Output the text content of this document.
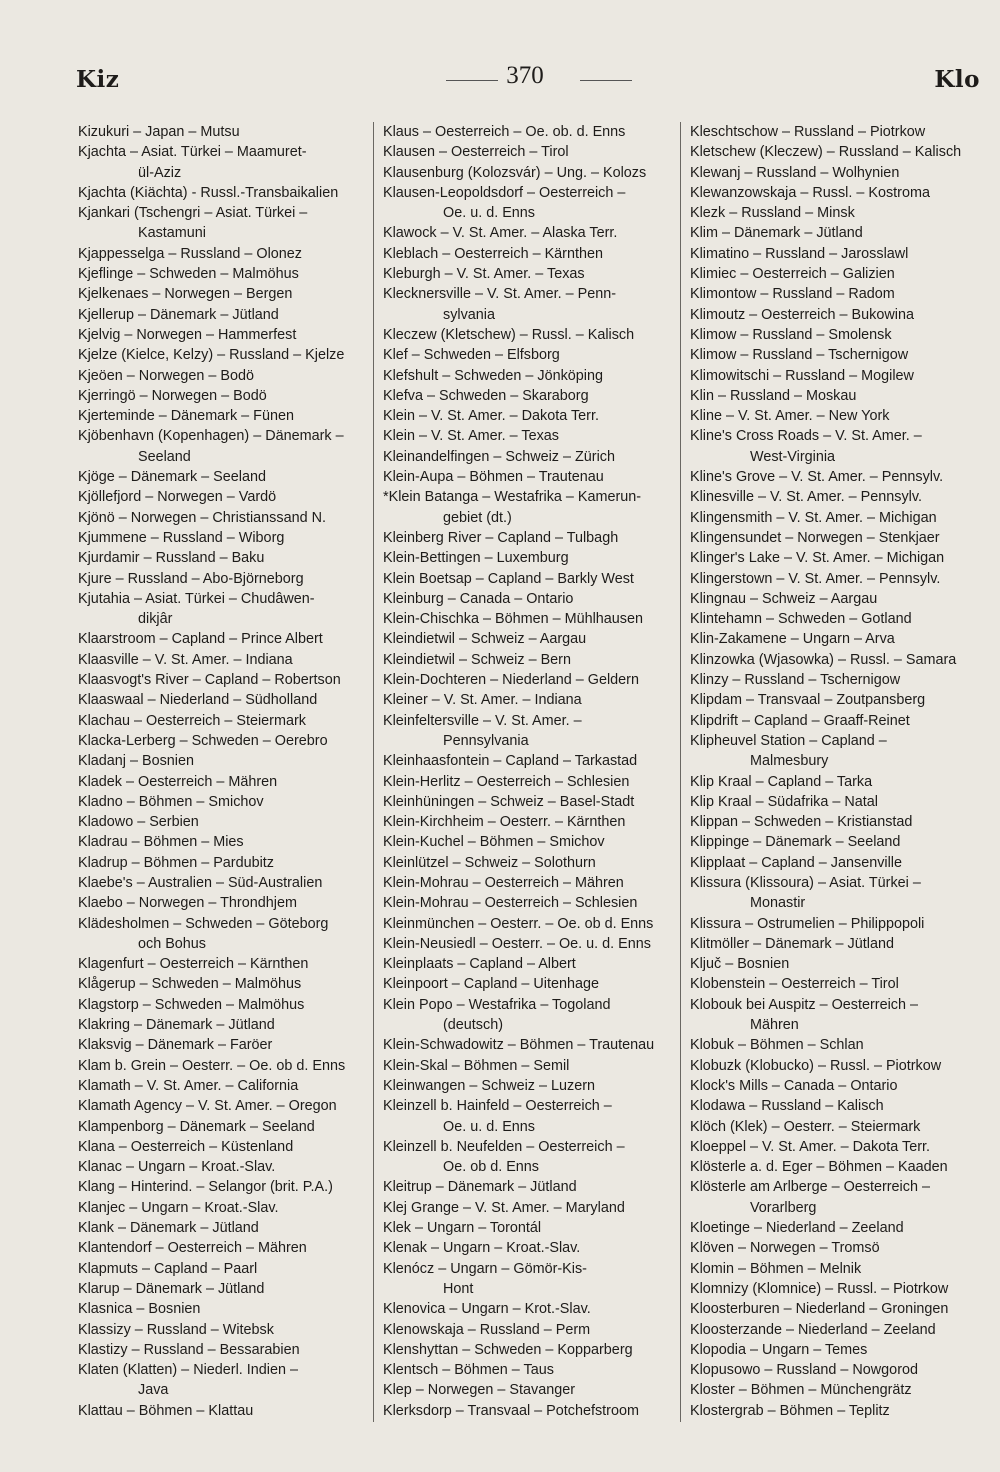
Kiz	370	Klo
Kizukuri – Japan – Mutsu
Kjachta – Asiat. Türkei – Maamuret-
ül-Aziz
Kjachta (Kiächta) - Russl.-Transbaikalien
Kjankari (Tschengri – Asiat. Türkei –
Kastamuni
Kjappesselga – Russland – Olonez
Kjeflinge – Schweden – Malmöhus
Kjelkenaes – Norwegen – Bergen
Kjellerup – Dänemark – Jütland
Kjelvig – Norwegen – Hammerfest
Kjelze (Kielce, Kelzy) – Russland – Kjelze
Kjeöen – Norwegen – Bodö
Kjerringö – Norwegen – Bodö
Kjerteminde – Dänemark – Fünen
Kjöbenhavn (Kopenhagen) – Dänemark –
Seeland
Kjöge – Dänemark – Seeland
Kjöllefjord – Norwegen – Vardö
Kjönö – Norwegen – Christianssand N.
Kjummene – Russland – Wiborg
Kjurdamir – Russland – Baku
Kjure – Russland – Abo-Björneborg
Kjutahia – Asiat. Türkei – Chudâwen-
dikjâr
Klaarstroom – Capland – Prince Albert
Klaasville – V. St. Amer. – Indiana
Klaasvogt's River – Capland – Robertson
Klaaswaal – Niederland – Südholland
Klachau – Oesterreich – Steiermark
Klacka-Lerberg – Schweden – Oerebro
Kladanj – Bosnien
Kladek – Oesterreich – Mähren
Kladno – Böhmen – Smichov
Kladowo – Serbien
Kladrau – Böhmen – Mies
Kladrup – Böhmen – Pardubitz
Klaebe's – Australien – Süd-Australien
Klaebo – Norwegen – Throndhjem
Klädesholmen – Schweden – Göteborg
och Bohus
Klagenfurt – Oesterreich – Kärnthen
Klågerup – Schweden – Malmöhus
Klagstorp – Schweden – Malmöhus
Klakring – Dänemark – Jütland
Klaksvig – Dänemark – Faröer
Klam b. Grein – Oesterr. – Oe. ob d. Enns
Klamath – V. St. Amer. – California
Klamath Agency – V. St. Amer. – Oregon
Klampenborg – Dänemark – Seeland
Klana – Oesterreich – Küstenland
Klanac – Ungarn – Kroat.-Slav.
Klang – Hinterind. – Selangor (brit. P.A.)
Klanjec – Ungarn – Kroat.-Slav.
Klank – Dänemark – Jütland
Klantendorf – Oesterreich – Mähren
Klapmuts – Capland – Paarl
Klarup – Dänemark – Jütland
Klasnica – Bosnien
Klassizy – Russland – Witebsk
Klastizy – Russland – Bessarabien
Klaten (Klatten) – Niederl. Indien –
Java
Klattau – Böhmen – Klattau
Klaus – Oesterreich – Oe. ob. d. Enns
Klausen – Oesterreich – Tirol
Klausenburg (Kolozsvár) – Ung. – Kolozs
Klausen-Leopoldsdorf – Oesterreich –
Oe. u. d. Enns
Klawock – V. St. Amer. – Alaska Terr.
Kleblach – Oesterreich – Kärnthen
Kleburgh – V. St. Amer. – Texas
Klecknersville – V. St. Amer. – Penn-
sylvania
Kleczew (Kletschew) – Russl. – Kalisch
Klef – Schweden – Elfsborg
Klefshult – Schweden – Jönköping
Klefva – Schweden – Skaraborg
Klein – V. St. Amer. – Dakota Terr.
Klein – V. St. Amer. – Texas
Kleinandelfingen – Schweiz – Zürich
Klein-Aupa – Böhmen – Trautenau
*Klein Batanga – Westafrika – Kamerun-
gebiet (dt.)
Kleinberg River – Capland – Tulbagh
Klein-Bettingen – Luxemburg
Klein Boetsap – Capland – Barkly West
Kleinburg – Canada – Ontario
Klein-Chischka – Böhmen – Mühlhausen
Kleindietwil – Schweiz – Aargau
Kleindietwil – Schweiz – Bern
Klein-Dochteren – Niederland – Geldern
Kleiner – V. St. Amer. – Indiana
Kleinfeltersville – V. St. Amer. –
Pennsylvania
Kleinhaasfontein – Capland – Tarkastad
Klein-Herlitz – Oesterreich – Schlesien
Kleinhüningen – Schweiz – Basel-Stadt
Klein-Kirchheim – Oesterr. – Kärnthen
Klein-Kuchel – Böhmen – Smichov
Kleinlützel – Schweiz – Solothurn
Klein-Mohrau – Oesterreich – Mähren
Klein-Mohrau – Oesterreich – Schlesien
Kleinmünchen – Oesterr. – Oe. ob d. Enns
Klein-Neusiedl – Oesterr. – Oe. u. d. Enns
Kleinplaats – Capland – Albert
Kleinpoort – Capland – Uitenhage
Klein Popo – Westafrika – Togoland
(deutsch)
Klein-Schwadowitz – Böhmen – Trautenau
Klein-Skal – Böhmen – Semil
Kleinwangen – Schweiz – Luzern
Kleinzell b. Hainfeld – Oesterreich –
Oe. u. d. Enns
Kleinzell b. Neufelden – Oesterreich –
Oe. ob d. Enns
Kleitrup – Dänemark – Jütland
Klej Grange – V. St. Amer. – Maryland
Klek – Ungarn – Torontál
Klenak – Ungarn – Kroat.-Slav.
Klenócz – Ungarn – Gömör-Kis-
Hont
Klenovica – Ungarn – Krot.-Slav.
Klenowskaja – Russland – Perm
Klenshyttan – Schweden – Kopparberg
Klentsch – Böhmen – Taus
Klep – Norwegen – Stavanger
Klerksdorp – Transvaal – Potchefstroom
Kleschtschow – Russland – Piotrkow
Kletschew (Kleczew) – Russland – Kalisch
Klewanj – Russland – Wolhynien
Klewanzowskaja – Russl. – Kostroma
Klezk – Russland – Minsk
Klim – Dänemark – Jütland
Klimatino – Russland – Jarosslawl
Klimiec – Oesterreich – Galizien
Klimontow – Russland – Radom
Klimoutz – Oesterreich – Bukowina
Klimow – Russland – Smolensk
Klimow – Russland – Tschernigow
Klimowitschi – Russland – Mogilew
Klin – Russland – Moskau
Kline – V. St. Amer. – New York
Kline's Cross Roads – V. St. Amer. –
West-Virginia
Kline's Grove – V. St. Amer. – Pennsylv.
Klinesville – V. St. Amer. – Pennsylv.
Klingensmith – V. St. Amer. – Michigan
Klingensundet – Norwegen – Stenkjaer
Klinger's Lake – V. St. Amer. – Michigan
Klingerstown – V. St. Amer. – Pennsylv.
Klingnau – Schweiz – Aargau
Klintehamn – Schweden – Gotland
Klin-Zakamene – Ungarn – Arva
Klinzowka (Wjasowka) – Russl. – Samara
Klinzy – Russland – Tschernigow
Klipdam – Transvaal – Zoutpansberg
Klipdrift – Capland – Graaff-Reinet
Klipheuvel Station – Capland –
Malmesbury
Klip Kraal – Capland – Tarka
Klip Kraal – Südafrika – Natal
Klippan – Schweden – Kristianstad
Klippinge – Dänemark – Seeland
Klipplaat – Capland – Jansenville
Klissura (Klissoura) – Asiat. Türkei –
Monastir
Klissura – Ostrumelien – Philippopoli
Klitmöller – Dänemark – Jütland
Ključ – Bosnien
Klobenstein – Oesterreich – Tirol
Klobouk bei Auspitz – Oesterreich –
Mähren
Klobuk – Böhmen – Schlan
Klobuzk (Klobucko) – Russl. – Piotrkow
Klock's Mills – Canada – Ontario
Klodawa – Russland – Kalisch
Klöch (Klek) – Oesterr. – Steiermark
Kloeppel – V. St. Amer. – Dakota Terr.
Klösterle a. d. Eger – Böhmen – Kaaden
Klösterle am Arlberge – Oesterreich –
Vorarlberg
Kloetinge – Niederland – Zeeland
Klöven – Norwegen – Tromsö
Klomin – Böhmen – Melnik
Klomnizy (Klomnice) – Russl. – Piotrkow
Kloosterburen – Niederland – Groningen
Kloosterzande – Niederland – Zeeland
Klopodia – Ungarn – Temes
Klopusowo – Russland – Nowgorod
Kloster – Böhmen – Münchengrätz
Klostergrab – Böhmen – Teplitz
